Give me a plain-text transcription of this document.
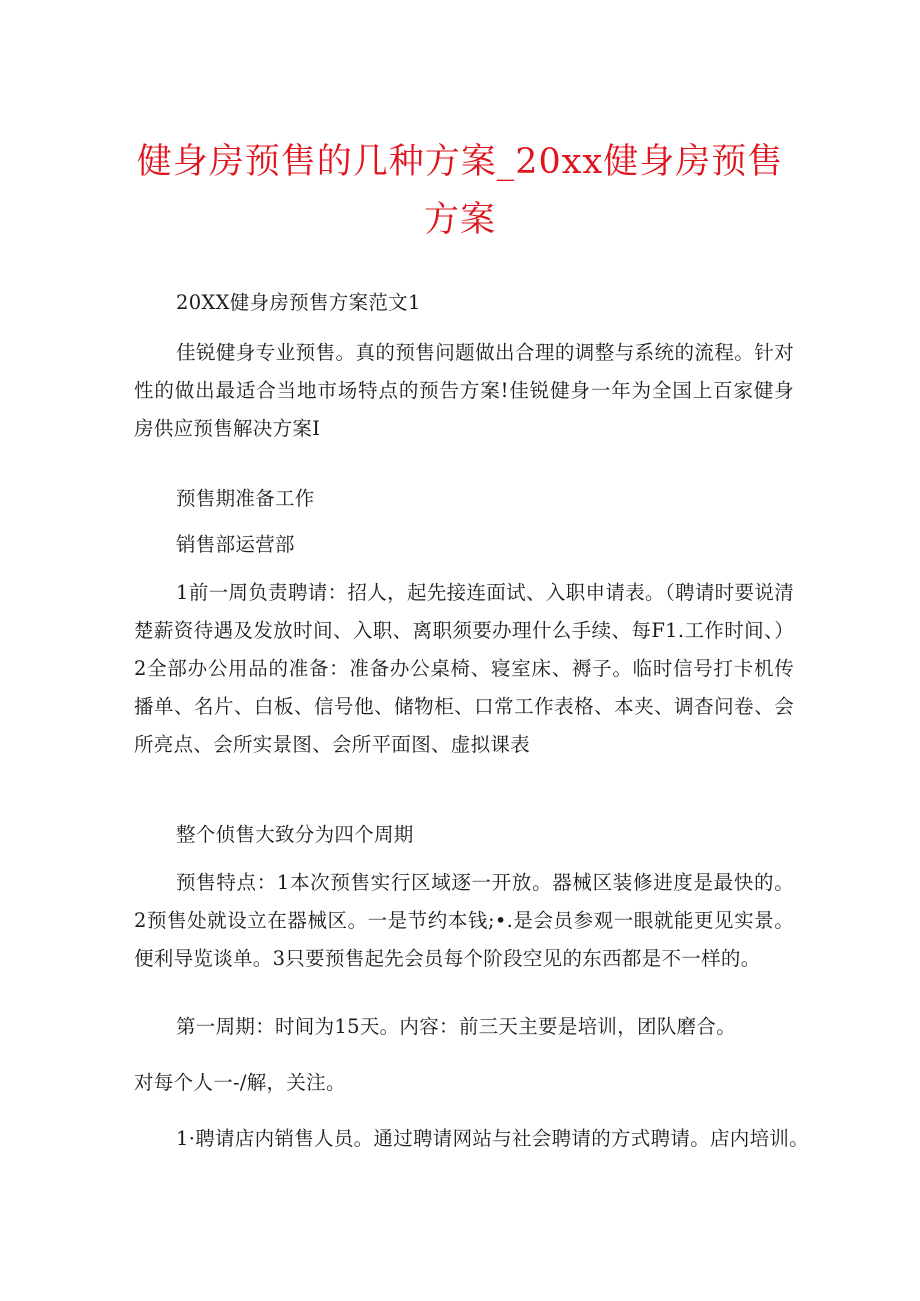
健身房预售的几种方案_20xx健身房预售方案
20XX健身房预售方案范文1
佳锐健身专业预售。真的预售问题做出合理的调整与系统的流程。针对性的做出最适合当地市场特点的预告方案!佳锐健身一年为全国上百家健身房供应预售解决方案I
预售期准备工作
销售部运营部
1前一周负责聘请：招人，起先接连面试、入职申请表。（聘请时要说清楚薪资待遇及发放时间、入职、离职须要办理什么手续、每F1.工作时间、）2全部办公用品的准备：准备办公桌椅、寝室床、褥子。临时信号打卡机传播单、名片、白板、信号他、储物柜、口常工作表格、本夹、调杳问卷、会所亮点、会所实景图、会所平面图、虚拟课表
整个侦售大致分为四个周期
预售特点：1本次预售实行区域逐一开放。器械区装修进度是最快的。2预售处就设立在器械区。一是节约本钱;•.是会员参观一眼就能更见实景。便利导览谈单。3只要预售起先会员每个阶段空见的东西都是不一样的。
第一周期：时间为15天。内容：前三天主要是培训，团队磨合。
对每个人一-/解，关注。
1·聘请店内销售人员。通过聘请网站与社会聘请的方式聘请。店内培训。
